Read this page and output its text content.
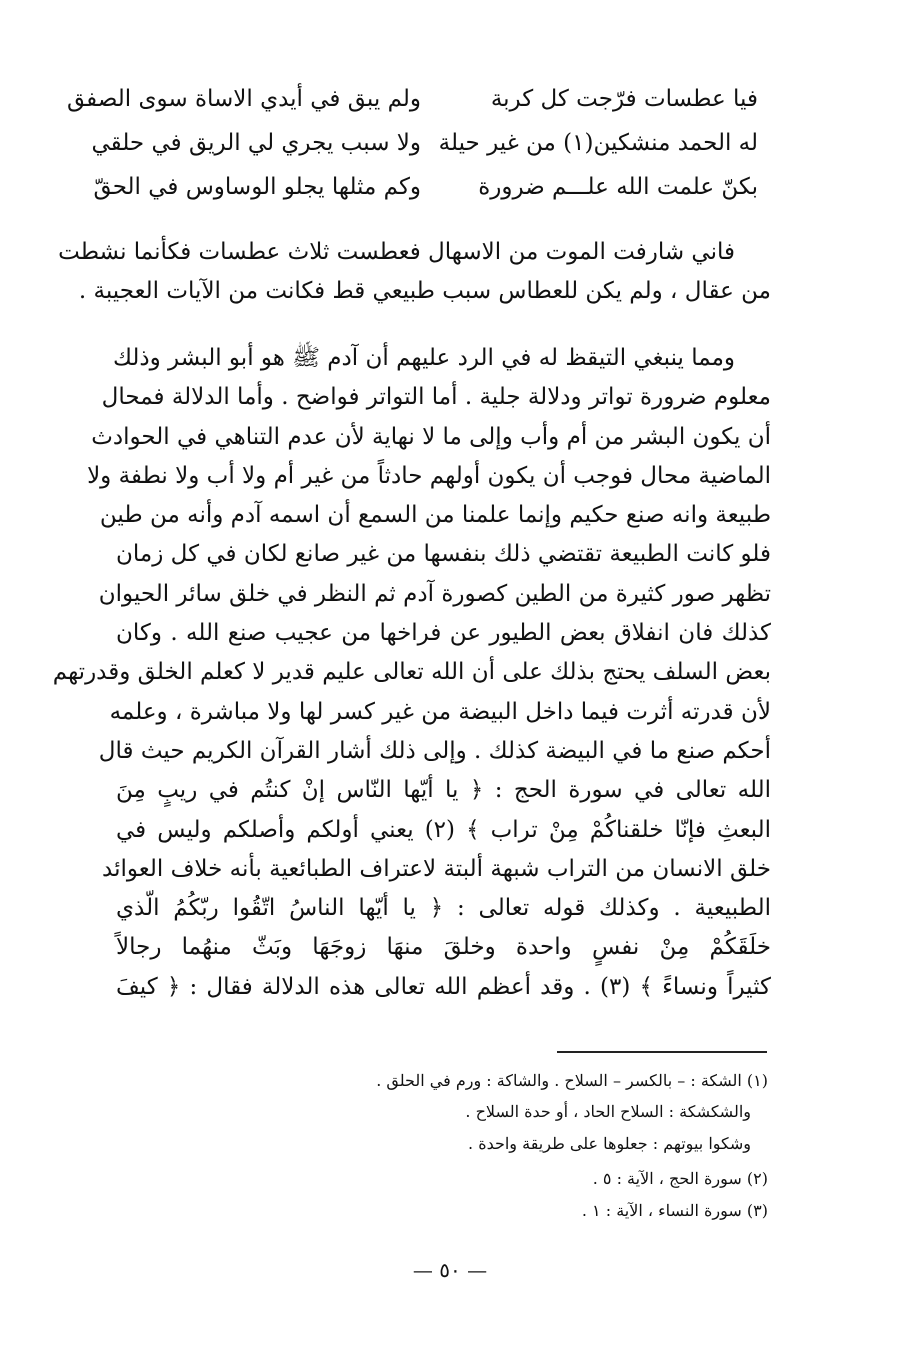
فيا عطسات فرّجت كل كربة
ولم يبق في أيدي الاساة سوى الصفق
له الحمد منشكين(١) من غير حيلة
ولا سبب يجري لي الريق في حلقي
بكنّ علمت الله علـــم ضرورة
وكم مثلها يجلو الوساوس في الحقّ
فاني شارفت الموت من الاسهال فعطست ثلاث عطسات فكأنما نشطت
من عقال ، ولم يكن للعطاس سبب طبيعي قط فكانت من الآيات العجيبة .
ومما ينبغي التيقظ له في الرد عليهم أن آدم ﷺ هو أبو البشر وذلك
معلوم ضرورة تواتر ودلالة جلية . أما التواتر فواضح . وأما الدلالة فمحال
أن يكون البشر من أم وأب وإلى ما لا نهاية لأن عدم التناهي في الحوادث
الماضية محال فوجب أن يكون أولهم حادثاً من غير أم ولا أب ولا نطفة ولا
طبيعة وانه صنع حكيم وإنما علمنا من السمع أن اسمه آدم وأنه من طين
فلو كانت الطبيعة تقتضي ذلك بنفسها من غير صانع لكان في كل زمان
تظهر صور كثيرة من الطين كصورة آدم ثم النظر في خلق سائر الحيوان
كذلك فان انفلاق بعض الطيور عن فراخها من عجيب صنع الله . وكان
بعض السلف يحتج بذلك على أن الله تعالى عليم قدير لا كعلم الخلق وقدرتهم
لأن قدرته أثرت فيما داخل البيضة من غير كسر لها ولا مباشرة ، وعلمه
أحكم صنع ما في البيضة كذلك . وإلى ذلك أشار القرآن الكريم حيث قال
الله تعالى في سورة الحج : ﴿ يا أيّها النّاس إنْ كنتُم في ريبٍ مِنَ
البعثِ فإنّا خلقناكُمْ مِنْ تراب ﴾ (٢) يعني أولكم وأصلكم وليس في
خلق الانسان من التراب شبهة ألبتة لاعتراف الطبائعية بأنه خلاف العوائد
الطبيعية . وكذلك قوله تعالى : ﴿ يا أيّها الناسُ اتّقُوا ربّكُمُ الّذي
خلَقَكُمْ مِنْ نفسٍ واحدة وخلقَ منهَا زوجَهَا وبَثّ منهُما رجالاً
كثيراً ونساءً ﴾ (٣) . وقد أعظم الله تعالى هذه الدلالة فقال : ﴿ كيفَ
(١) الشكة : – بالكسر – السلاح . والشاكة : ورم في الحلق .
والشكشكة : السلاح الحاد ، أو حدة السلاح .
وشكوا بيوتهم : جعلوها على طريقة واحدة .
(٢) سورة الحج ، الآية : ٥ .
(٣) سورة النساء ، الآية : ١ .
— ٥٠ —
